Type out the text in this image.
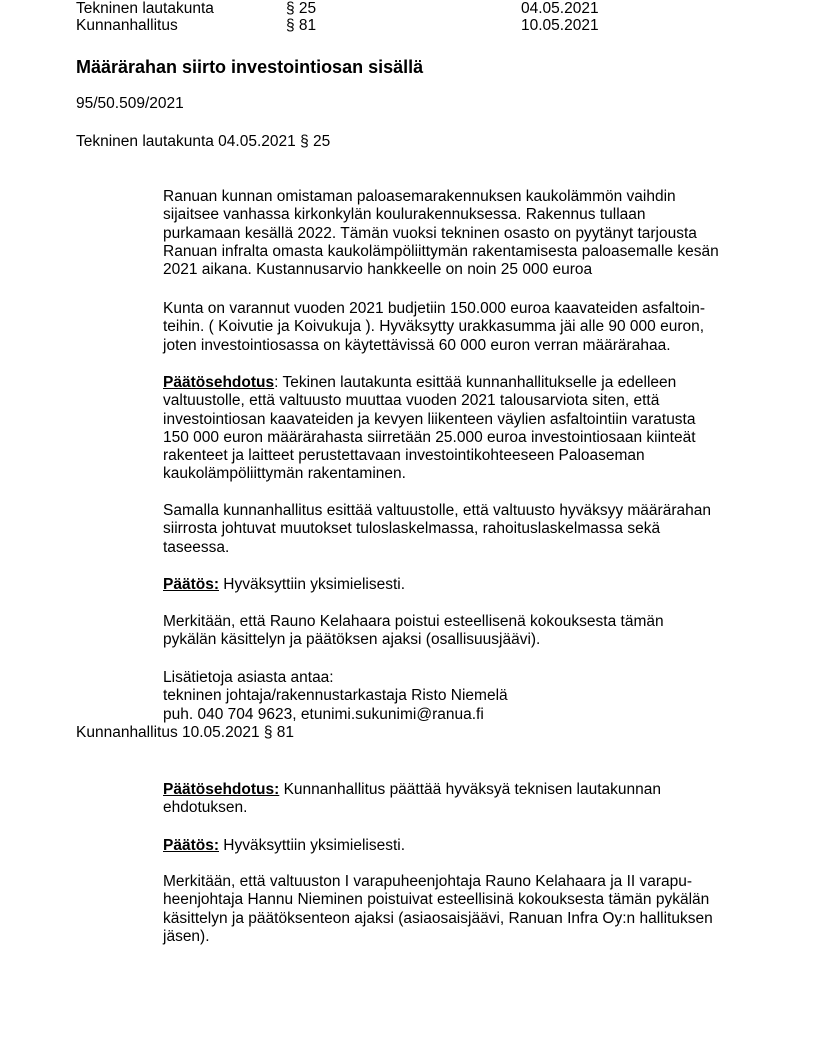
Tekninen lautakunta	§ 25	04.05.2021
Kunnanhallitus	§ 81	10.05.2021
Määrärahan siirto investointiosan sisällä
95/50.509/2021
Tekninen lautakunta 04.05.2021 § 25
Ranuan kunnan omistaman paloasemarakennuksen kaukolämmön vaihdin
sijaitsee vanhassa kirkonkylän koulurakennuksessa. Rakennus tullaan
purkamaan kesällä 2022. Tämän vuoksi tekninen osasto on pyytänyt tarjousta
Ranuan infralta omasta kaukolämpöliittymän rakentamisesta paloasemalle kesän
2021 aikana. Kustannusarvio hankkeelle on noin 25 000 euroa
Kunta on varannut vuoden 2021 budjetiin 150.000 euroa kaavateiden asfaltoin-
teihin. ( Koivutie ja Koivukuja ). Hyväksytty urakkasumma jäi alle 90 000 euron,
joten investointiosassa on käytettävissä 60 000 euron verran määrärahaa.
Päätösehdotus: Tekinen lautakunta esittää kunnanhallitukselle ja edelleen
valtuustolle, että valtuusto muuttaa vuoden 2021 talousarviota siten, että
investointiosan kaavateiden ja kevyen liikenteen väylien asfaltointiin varatusta
150 000 euron määrärahasta siirretään 25.000 euroa investointiosaan kiinteät
rakenteet ja laitteet perustettavaan investointikohteeseen Paloaseman
kaukolämpöliittymän rakentaminen.
Samalla kunnanhallitus esittää valtuustolle, että valtuusto hyväksyy määrärahan
siirrosta johtuvat muutokset tuloslaskelmassa, rahoituslaskelmassa sekä
taseessa.
Päätös: Hyväksyttiin yksimielisesti.
Merkitään, että Rauno Kelahaara poistui esteellisenä kokouksesta tämän
pykälän käsittelyn ja päätöksen ajaksi (osallisuusjäävi).
Lisätietoja asiasta antaa:
tekninen johtaja/rakennustarkastaja Risto Niemelä
puh. 040 704 9623, etunimi.sukunimi@ranua.fi
Kunnanhallitus 10.05.2021 § 81
Päätösehdotus: Kunnanhallitus päättää hyväksyä teknisen lautakunnan
ehdotuksen.
Päätös: Hyväksyttiin yksimielisesti.
Merkitään, että valtuuston I varapuheenjohtaja Rauno Kelahaara ja II varapu-
heenjohtaja Hannu Nieminen poistuivat esteellisinä kokouksesta tämän pykälän
käsittelyn ja päätöksenteon ajaksi (asiaosaisjäävi, Ranuan Infra Oy:n hallituksen
jäsen).
